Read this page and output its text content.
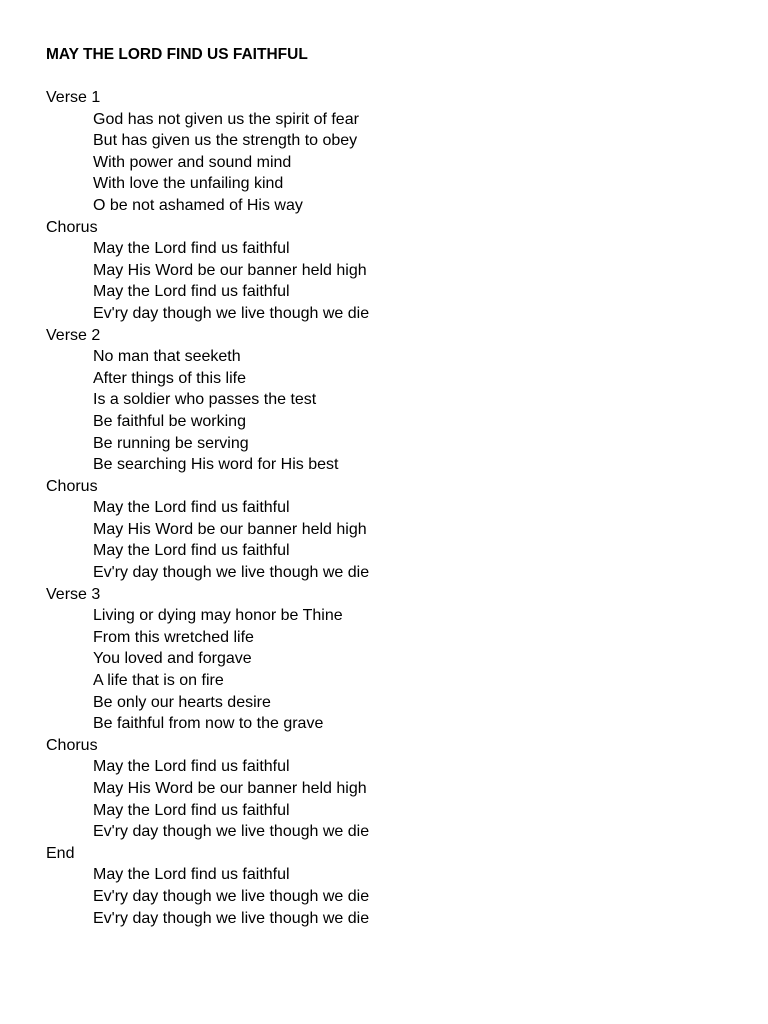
MAY THE LORD FIND US FAITHFUL
Verse 1
God has not given us the spirit of fear
But has given us the strength to obey
With power and sound mind
With love the unfailing kind
O be not ashamed of His way
Chorus
May the Lord find us faithful
May His Word be our banner held high
May the Lord find us faithful
Ev'ry day though we live though we die
Verse 2
No man that seeketh
After things of this life
Is a soldier who passes the test
Be faithful be working
Be running be serving
Be searching His word for His best
Chorus
May the Lord find us faithful
May His Word be our banner held high
May the Lord find us faithful
Ev'ry day though we live though we die
Verse 3
Living or dying may honor be Thine
From this wretched life
You loved and forgave
A life that is on fire
Be only our hearts desire
Be faithful from now to the grave
Chorus
May the Lord find us faithful
May His Word be our banner held high
May the Lord find us faithful
Ev'ry day though we live though we die
End
May the Lord find us faithful
Ev'ry day though we live though we die
Ev'ry day though we live though we die
